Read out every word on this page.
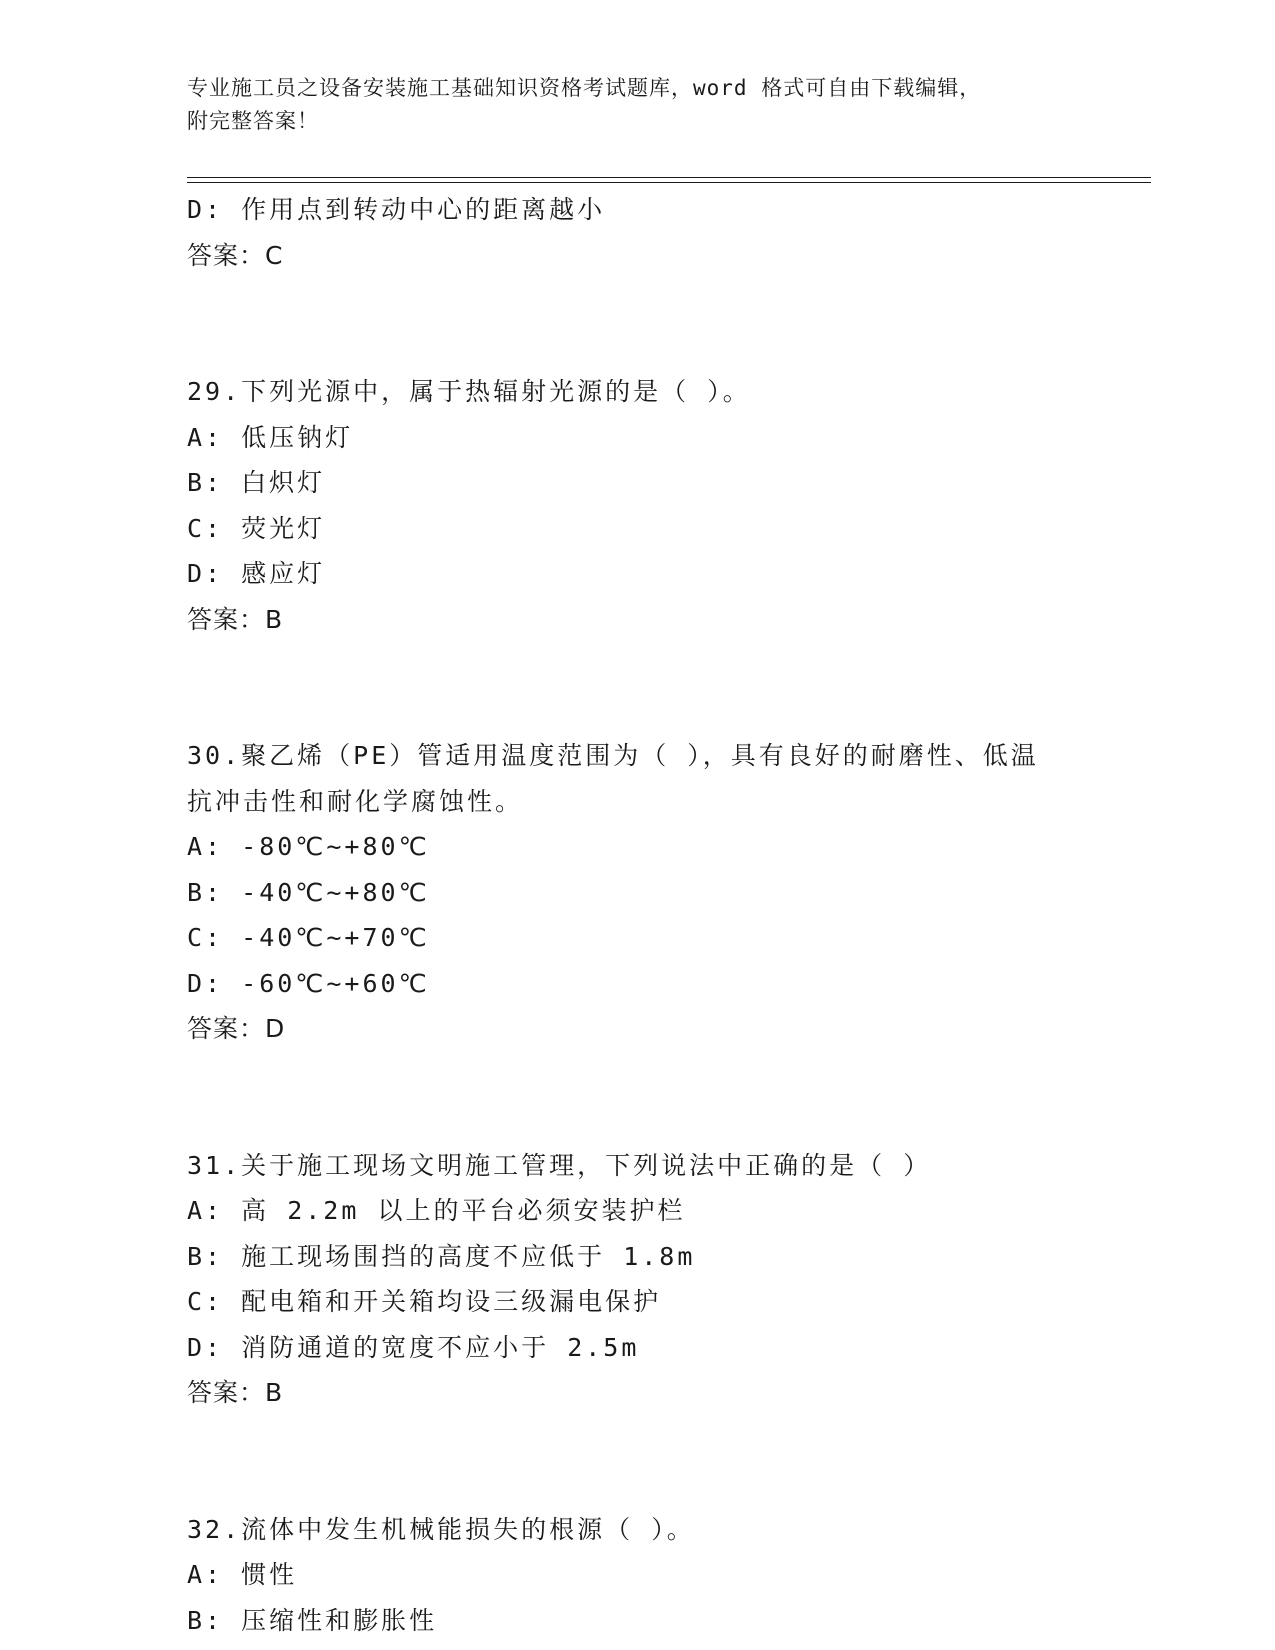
专业施工员之设备安装施工基础知识资格考试题库，word 格式可自由下载编辑，
附完整答案！
D: 作用点到转动中心的距离越小
答案：C
29.下列光源中，属于热辐射光源的是（ ）。
A: 低压钠灯
B: 白炽灯
C: 荧光灯
D: 感应灯
答案：B
30.聚乙烯（PE）管适用温度范围为（ ），具有良好的耐磨性、低温
抗冲击性和耐化学腐蚀性。
A: -80℃~+80℃
B: -40℃~+80℃
C: -40℃~+70℃
D: -60℃~+60℃
答案：D
31.关于施工现场文明施工管理，下列说法中正确的是（ ）
A: 高 2.2m 以上的平台必须安装护栏
B: 施工现场围挡的高度不应低于 1.8m
C: 配电箱和开关箱均设三级漏电保护
D: 消防通道的宽度不应小于 2.5m
答案：B
32.流体中发生机械能损失的根源（ ）。
A: 惯性
B: 压缩性和膨胀性
